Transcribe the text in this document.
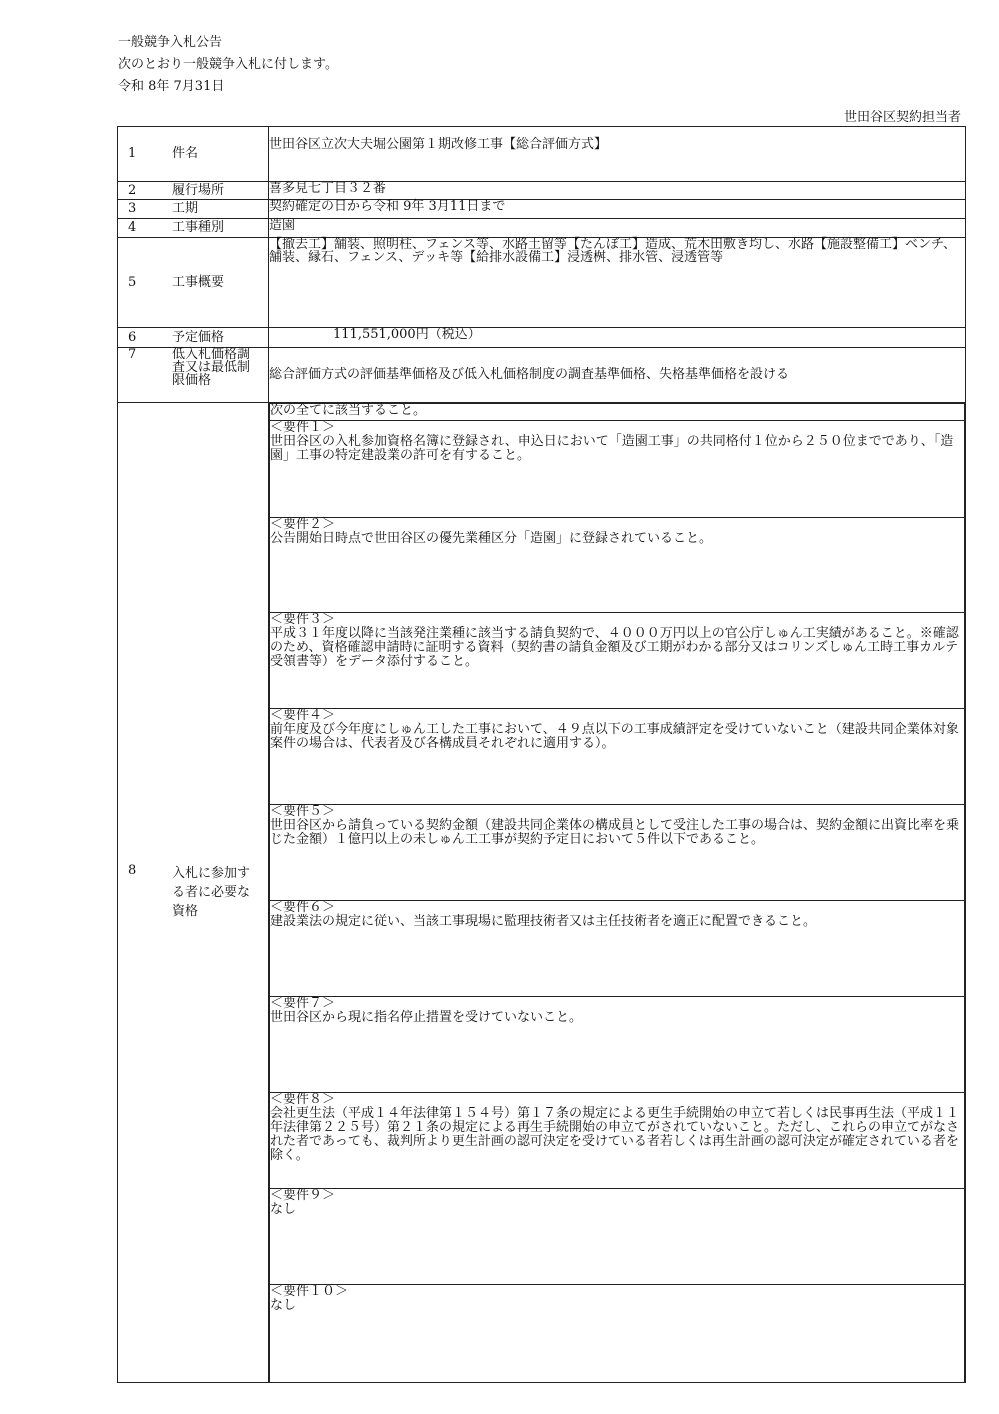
一般競争入札公告
次のとおり一般競争入札に付します。
令和 8年 7月31日
世田谷区契約担当者
1	件名
	世田谷区立次大夫堀公園第１期改修工事【総合評価方式】

2	履行場所	喜多見七丁目３２番

3	工期	契約確定の日から令和 9年 3月11日まで

4	工事種別	造園

5	工事概要
	【撤去工】舗装、照明柱、フェンス等、水路土留等【たんぼ工】造成、荒木田敷き均し、水路【施設整備工】ベンチ、舗装、縁石、フェンス、デッキ等【給排水設備工】浸透桝、排水管、浸透管等

6	予定価格	111,551,000円（税込）

7	低入札価格調査又は最低制限価格	総合評価方式の評価基準価格及び低入札価格制度の調査基準価格、失格基準価格を設ける

8	入札に参加する者に必要な資格

次の全てに該当すること。

＜要件１＞
世田谷区の入札参加資格名簿に登録され、申込日において「造園工事」の共同格付１位から２５０位までであり、「造園」工事の特定建設業の許可を有すること。

＜要件２＞
公告開始日時点で世田谷区の優先業種区分「造園」に登録されていること。

＜要件３＞
平成３１年度以降に当該発注業種に該当する請負契約で、４０００万円以上の官公庁しゅん工実績があること。※確認のため、資格確認申請時に証明する資料（契約書の請負金額及び工期がわかる部分又はコリンズしゅん工時工事カルテ受領書等）をデータ添付すること。

＜要件４＞
前年度及び今年度にしゅん工した工事において、４９点以下の工事成績評定を受けていないこと（建設共同企業体対象案件の場合は、代表者及び各構成員それぞれに適用する）。

＜要件５＞
世田谷区から請負っている契約金額（建設共同企業体の構成員として受注した工事の場合は、契約金額に出資比率を乗じた金額）１億円以上の未しゅん工工事が契約予定日において５件以下であること。

＜要件６＞
建設業法の規定に従い、当該工事現場に監理技術者又は主任技術者を適正に配置できること。

＜要件７＞
世田谷区から現に指名停止措置を受けていないこと。

＜要件８＞
会社更生法（平成１４年法律第１５４号）第１７条の規定による更生手続開始の申立て若しくは民事再生法（平成１１年法律第２２５号）第２１条の規定による再生手続開始の申立てがされていないこと。ただし、これらの申立てがなされた者であっても、裁判所より更生計画の認可決定を受けている者若しくは再生計画の認可決定が確定されている者を除く。

＜要件９＞
なし

＜要件１０＞
なし
